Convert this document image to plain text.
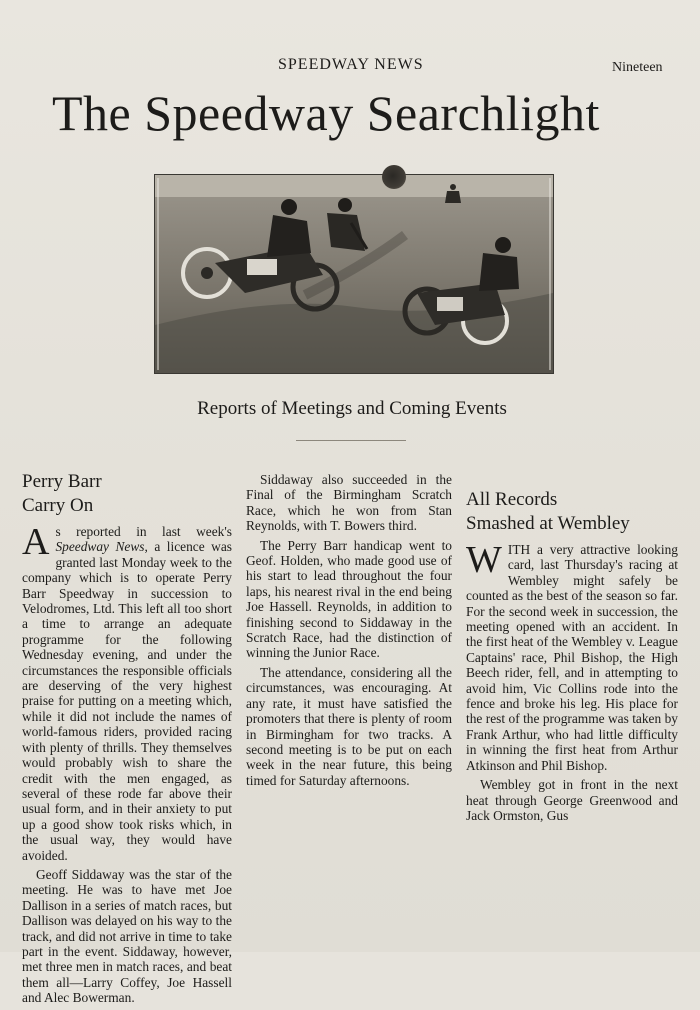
SPEEDWAY NEWS	Nineteen
The Speedway Searchlight
Reports of Meetings and Coming Events
Perry Barr
Carry On

As reported in last week's Speedway News, a licence was granted last Monday week to the company which is to operate Perry Barr Speedway in succession to Velodromes, Ltd. This left all too short a time to arrange an adequate programme for the following Wednesday evening, and under the circumstances the responsible officials are deserving of the very highest praise for putting on a meeting which, while it did not include the names of world-famous riders, provided racing with plenty of thrills. They themselves would probably wish to share the credit with the men engaged, as several of these rode far above their usual form, and in their anxiety to put up a good show took risks which, in the usual way, they would have avoided.

Geoff Siddaway was the star of the meeting. He was to have met Joe Dallison in a series of match races, but Dallison was delayed on his way to the track, and did not arrive in time to take part in the event. Siddaway, however, met three men in match races, and beat them all—Larry Coffey, Joe Hassell and Alec Bowerman.

Siddaway also succeeded in the Final of the Birmingham Scratch Race, which he won from Stan Reynolds, with T. Bowers third.

The Perry Barr handicap went to Geof. Holden, who made good use of his start to lead throughout the four laps, his nearest rival in the end being Joe Hassell. Reynolds, in addition to finishing second to Siddaway in the Scratch Race, had the distinction of winning the Junior Race.

The attendance, considering all the circumstances, was encouraging. At any rate, it must have satisfied the promoters that there is plenty of room in Birmingham for two tracks. A second meeting is to be put on each week in the near future, this being timed for Saturday afternoons.

All Records
Smashed at Wembley

WITH a very attractive looking card, last Thursday's racing at Wembley might safely be counted as the best of the season so far. For the second week in succession, the meeting opened with an accident. In the first heat of the Wembley v. League Captains' race, Phil Bishop, the High Beech rider, fell, and in attempting to avoid him, Vic Collins rode into the fence and broke his leg. His place for the rest of the programme was taken by Frank Arthur, who had little difficulty in winning the first heat from Arthur Atkinson and Phil Bishop.

Wembley got in front in the next heat through George Greenwood and Jack Ormston, Gus
